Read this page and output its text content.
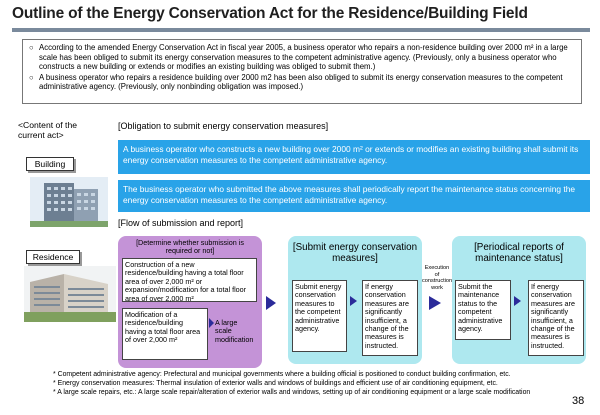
Outline of the Energy Conservation Act for the Residence/Building Field

○ According to the amended Energy Conservation Act in fiscal year 2005, a business operator who repairs a non-residence building over 2000 m² in a large scale has been obliged to submit its energy conservation measures to the competent administrative agency. (Previously, only a business operator who constructs a new building or extends or modifies an existing building was obliged to submit them.)

○ A business operator who repairs a residence building over 2000 m2 has been also obliged to submit its energy conservation measures to the competent administrative agency. (Previously, only nonbinding obligation was imposed.)

<Content of the current act>
[Obligation to submit energy conservation measures]
Building
A business operator who constructs a new building over 2000 m² or extends or modifies an existing building shall submit its energy conservation measures to the competent administrative agency.
The business operator who submitted the above measures shall periodically report the maintenance status concerning the energy conservation measures to the competent administrative agency.
[Flow of submission and report]
Residence
[Determine whether submission is required or not]
Construction of a new residence/building having a total floor area of over 2,000 m² or expansion/modification for a total floor area of over 2,000 m²
Modification of a residence/building having a total floor area of over 2,000 m²
A large scale modification
[Submit energy conservation measures]
Submit energy conservation measures to the competent administrative agency.
If energy conservation measures are significantly insufficient, a change of the measures is instructed.
Execution of construction work
[Periodical reports of maintenance status]
Submit the maintenance status to the competent administrative agency.
If energy conservation measures are significantly insufficient, a change of the measures is instructed.
* Competent administrative agency: Prefectural and municipal governments where a building official is positioned to conduct building confirmation, etc.
* Energy conservation measures: Thermal insulation of exterior walls and windows of buildings and efficient use of air conditioning equipment, etc.
* A large scale repairs, etc.: A large scale repair/alteration of exterior walls and windows, setting up of air conditioning equipment or a large scale modification
38
